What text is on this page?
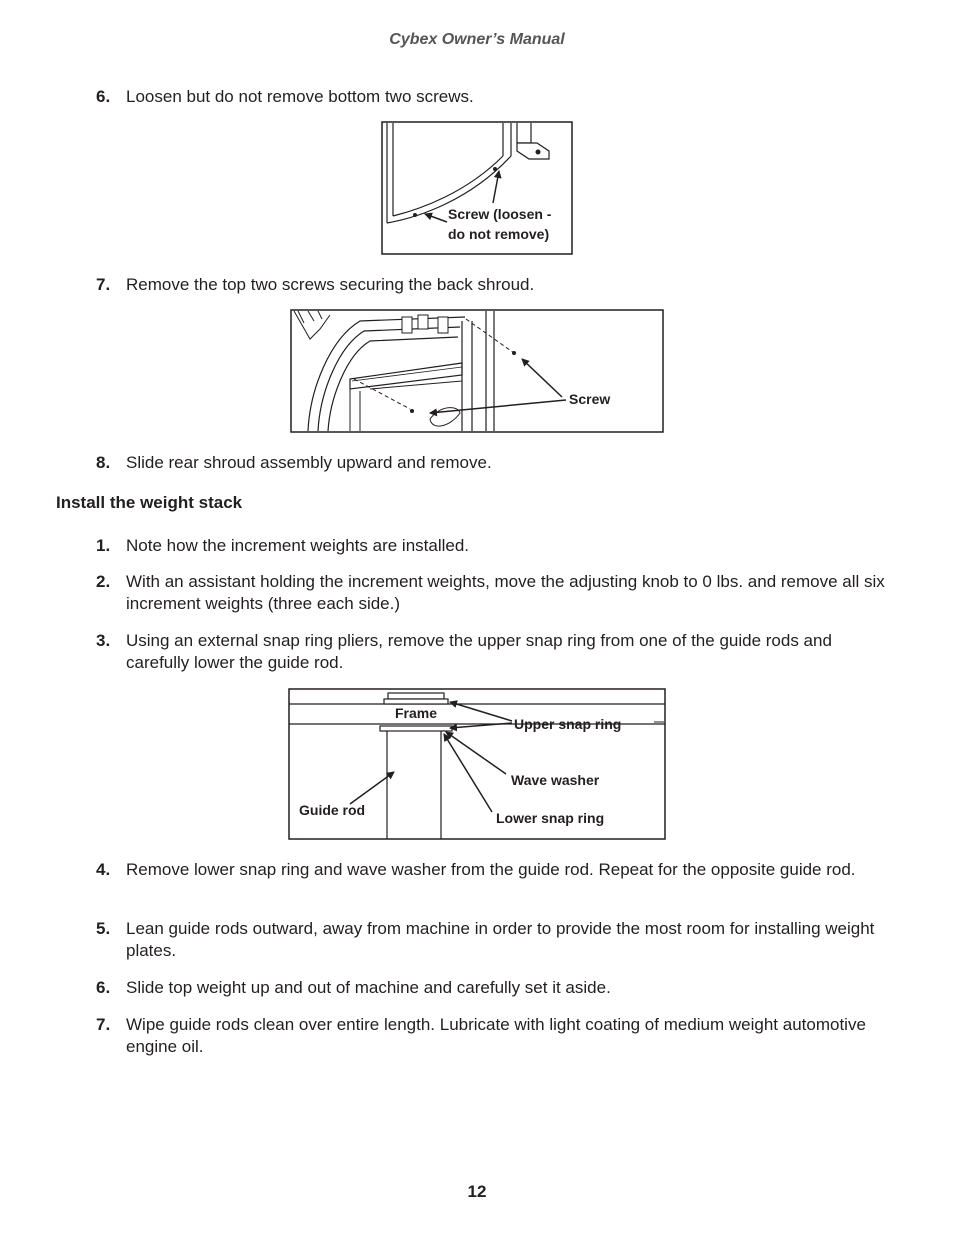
Cybex Owner’s Manual
6. Loosen but do not remove bottom two screws.
Screw (loosen -
do not remove)
7. Remove the top two screws securing the back shroud.
Screw
8. Slide rear shroud assembly upward and remove.
Install the weight stack
1. Note how the increment weights are installed.
2. With an assistant holding the increment weights, move the adjusting knob to 0 lbs. and remove all six increment weights (three each side.)
3. Using an external snap ring pliers, remove the upper snap ring from one of the guide rods and carefully lower the guide rod.
Frame
Upper snap ring
Wave washer
Guide rod	Lower snap ring
4. Remove lower snap ring and wave washer from the guide rod. Repeat for the opposite guide rod.
5. Lean guide rods outward, away from machine in order to provide the most room for installing weight plates.
6. Slide top weight up and out of machine and carefully set it aside.
7. Wipe guide rods clean over entire length. Lubricate with light coating of medium weight automotive engine oil.
12
